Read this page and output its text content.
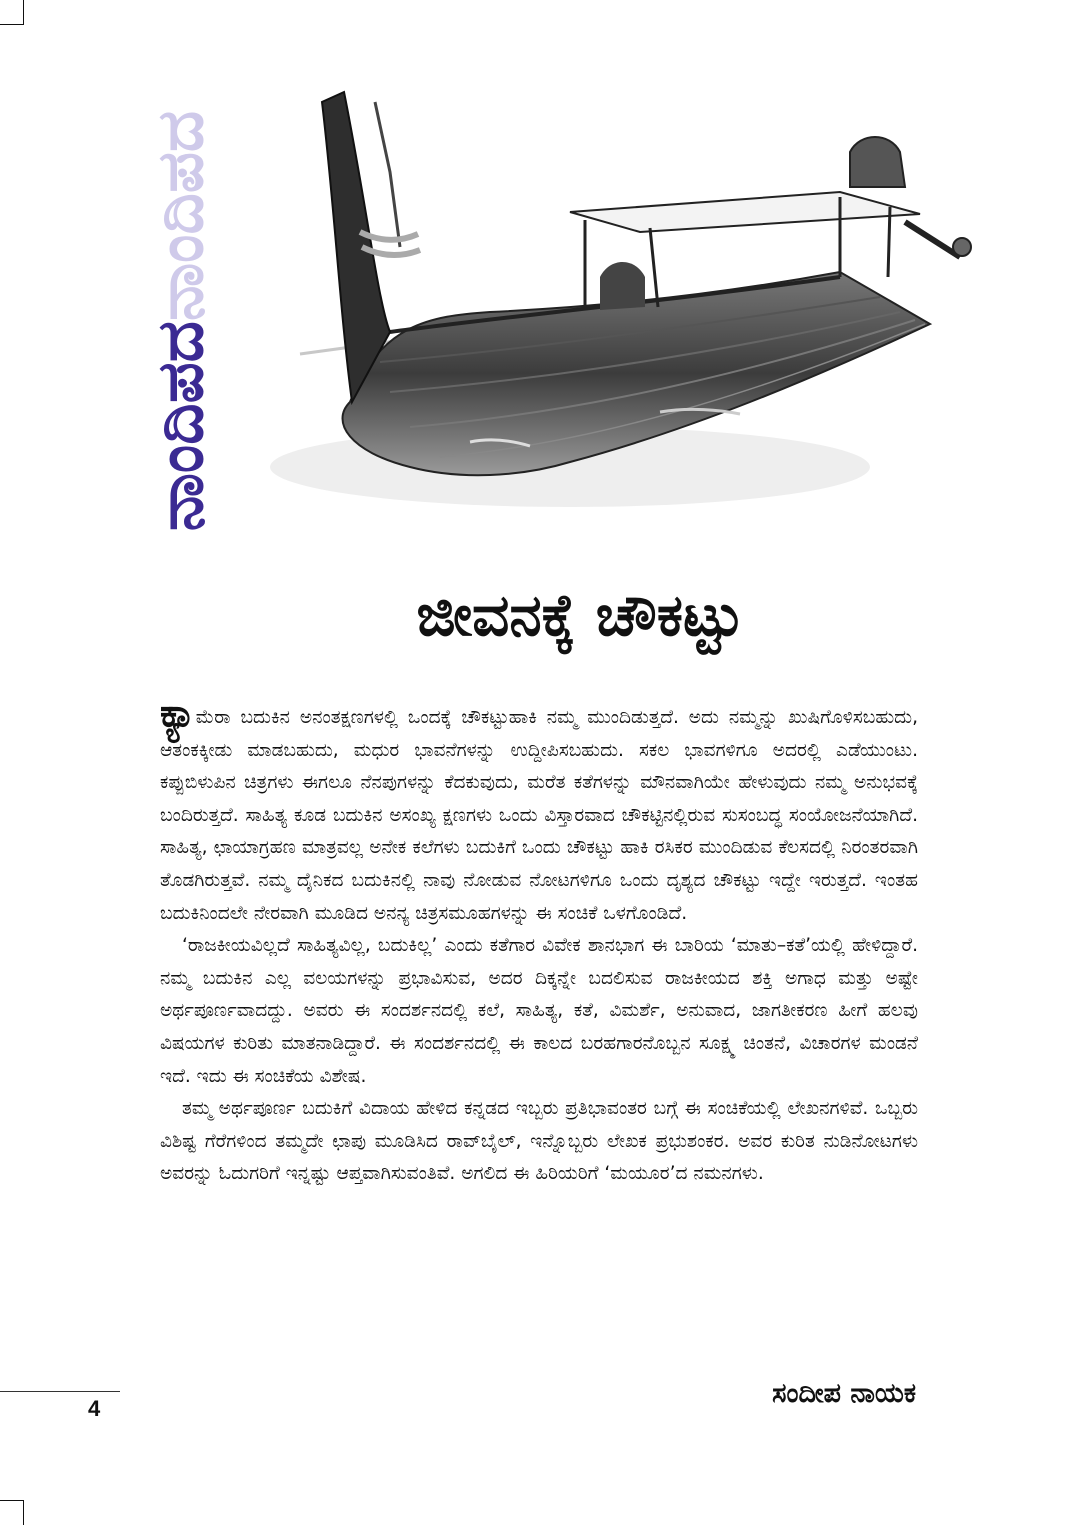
ನಾಂದಿಪದನಾಂದಿಪದ
ಜೀವನಕ್ಕೆ ಚೌಕಟ್ಟು

ಕ್ಯಾಮೆರಾ ಬದುಕಿನ ಅನಂತಕ್ಷಣಗಳಲ್ಲಿ ಒಂದಕ್ಕೆ ಚೌಕಟ್ಟುಹಾಕಿ ನಮ್ಮ ಮುಂದಿಡುತ್ತದೆ. ಅದು ನಮ್ಮನ್ನು ಖುಷಿಗೊಳಿಸಬಹುದು, ಆತಂಕಕ್ಕೀಡು ಮಾಡಬಹುದು, ಮಧುರ ಭಾವನೆಗಳನ್ನು ಉದ್ದೀಪಿಸಬಹುದು. ಸಕಲ ಭಾವಗಳಿಗೂ ಅದರಲ್ಲಿ ಎಡೆಯುಂಟು. ಕಪ್ಪುಬಿಳುಪಿನ ಚಿತ್ರಗಳು ಈಗಲೂ ನೆನಪುಗಳನ್ನು ಕೆದಕುವುದು, ಮರೆತ ಕತೆಗಳನ್ನು ಮೌನವಾಗಿಯೇ ಹೇಳುವುದು ನಮ್ಮ ಅನುಭವಕ್ಕೆ ಬಂದಿರುತ್ತದೆ. ಸಾಹಿತ್ಯ ಕೂಡ ಬದುಕಿನ ಅಸಂಖ್ಯ ಕ್ಷಣಗಳು ಒಂದು ವಿಸ್ತಾರವಾದ ಚೌಕಟ್ಟಿನಲ್ಲಿರುವ ಸುಸಂಬದ್ಧ ಸಂಯೋಜನೆಯಾಗಿದೆ. ಸಾಹಿತ್ಯ, ಛಾಯಾಗ್ರಹಣ ಮಾತ್ರವಲ್ಲ ಅನೇಕ ಕಲೆಗಳು ಬದುಕಿಗೆ ಒಂದು ಚೌಕಟ್ಟು ಹಾಕಿ ರಸಿಕರ ಮುಂದಿಡುವ ಕೆಲಸದಲ್ಲಿ ನಿರಂತರವಾಗಿ ತೊಡಗಿರುತ್ತವೆ. ನಮ್ಮ ದೈನಿಕದ ಬದುಕಿನಲ್ಲಿ ನಾವು ನೋಡುವ ನೋಟಗಳಿಗೂ ಒಂದು ದೃಶ್ಯದ ಚೌಕಟ್ಟು ಇದ್ದೇ ಇರುತ್ತದೆ. ಇಂತಹ ಬದುಕಿನಿಂದಲೇ ನೇರವಾಗಿ ಮೂಡಿದ ಅನನ್ಯ ಚಿತ್ರಸಮೂಹಗಳನ್ನು ಈ ಸಂಚಿಕೆ ಒಳಗೊಂಡಿದೆ.

‘ರಾಜಕೀಯವಿಲ್ಲದೆ ಸಾಹಿತ್ಯವಿಲ್ಲ, ಬದುಕಿಲ್ಲ’ ಎಂದು ಕತೆಗಾರ ವಿವೇಕ ಶಾನಭಾಗ ಈ ಬಾರಿಯ ‘ಮಾತು–ಕತೆ’ಯಲ್ಲಿ ಹೇಳಿದ್ದಾರೆ. ನಮ್ಮ ಬದುಕಿನ ಎಲ್ಲ ವಲಯಗಳನ್ನು ಪ್ರಭಾವಿಸುವ, ಅದರ ದಿಕ್ಕನ್ನೇ ಬದಲಿಸುವ ರಾಜಕೀಯದ ಶಕ್ತಿ ಅಗಾಧ ಮತ್ತು ಅಷ್ಟೇ ಅರ್ಥಪೂರ್ಣವಾದದ್ದು. ಅವರು ಈ ಸಂದರ್ಶನದಲ್ಲಿ ಕಲೆ, ಸಾಹಿತ್ಯ, ಕತೆ, ವಿಮರ್ಶೆ, ಅನುವಾದ, ಜಾಗತೀಕರಣ ಹೀಗೆ ಹಲವು ವಿಷಯಗಳ ಕುರಿತು ಮಾತನಾಡಿದ್ದಾರೆ. ಈ ಸಂದರ್ಶನದಲ್ಲಿ ಈ ಕಾಲದ ಬರಹಗಾರನೊಬ್ಬನ ಸೂಕ್ಷ್ಮ ಚಿಂತನೆ, ವಿಚಾರಗಳ ಮಂಡನೆ ಇದೆ. ಇದು ಈ ಸಂಚಿಕೆಯ ವಿಶೇಷ.

ತಮ್ಮ ಅರ್ಥಪೂರ್ಣ ಬದುಕಿಗೆ ವಿದಾಯ ಹೇಳಿದ ಕನ್ನಡದ ಇಬ್ಬರು ಪ್ರತಿಭಾವಂತರ ಬಗ್ಗೆ ಈ ಸಂಚಿಕೆಯಲ್ಲಿ ಲೇಖನಗಳಿವೆ. ಒಬ್ಬರು ವಿಶಿಷ್ಟ ಗೆರೆಗಳಿಂದ ತಮ್ಮದೇ ಛಾಪು ಮೂಡಿಸಿದ ರಾವ್‌ಬೈಲ್, ಇನ್ನೊಬ್ಬರು ಲೇಖಕ ಪ್ರಭುಶಂಕರ. ಅವರ ಕುರಿತ ನುಡಿನೋಟಗಳು ಅವರನ್ನು ಓದುಗರಿಗೆ ಇನ್ನಷ್ಟು ಆಪ್ತವಾಗಿಸುವಂತಿವೆ. ಅಗಲಿದ ಈ ಹಿರಿಯರಿಗೆ ‘ಮಯೂರ’ದ ನಮನಗಳು.

ಸಂದೀಪ ನಾಯಕ
4
